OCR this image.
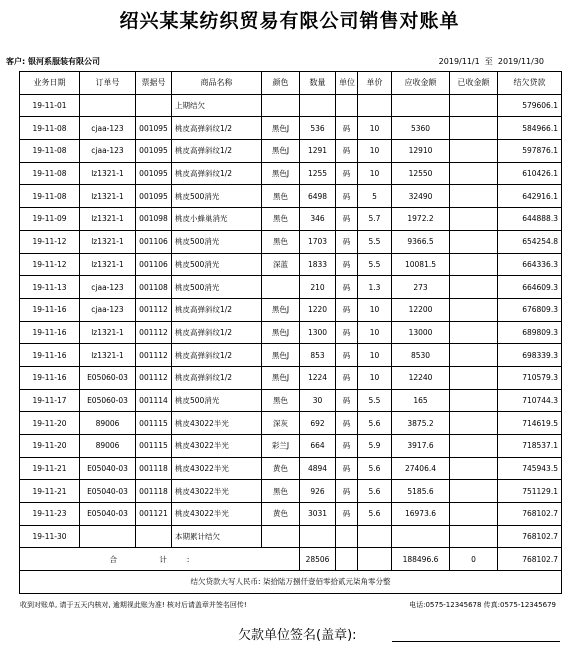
绍兴某某纺织贸易有限公司销售对账单
客户: 银河系服装有限公司	2019/11/1 至 2019/11/30
业务日期	订单号	票据号	商品名称	颜色	数量	单位	单价	应收金额	已收金额	结欠贷款
19-11-01			上期结欠							579606.1
19-11-08	cjaa-123	001095	桃皮高弹斜纹1/2	黑色J	536	码	10	5360		584966.1
19-11-08	cjaa-123	001095	桃皮高弹斜纹1/2	黑色J	1291	码	10	12910		597876.1
19-11-08	lz1321-1	001095	桃皮高弹斜纹1/2	黑色J	1255	码	10	12550		610426.1
19-11-08	lz1321-1	001095	桃皮500消光	黑色	6498	码	5	32490		642916.1
19-11-09	lz1321-1	001098	桃皮小蜂巢消光	黑色	346	码	5.7	1972.2		644888.3
19-11-12	lz1321-1	001106	桃皮500消光	黑色	1703	码	5.5	9366.5		654254.8
19-11-12	lz1321-1	001106	桃皮500消光	深蓝	1833	码	5.5	10081.5		664336.3
19-11-13	cjaa-123	001108	桃皮500消光		210	码	1.3	273		664609.3
19-11-16	cjaa-123	001112	桃皮高弹斜纹1/2	黑色J	1220	码	10	12200		676809.3
19-11-16	lz1321-1	001112	桃皮高弹斜纹1/2	黑色J	1300	码	10	13000		689809.3
19-11-16	lz1321-1	001112	桃皮高弹斜纹1/2	黑色J	853	码	10	8530		698339.3
19-11-16	E05060-03	001112	桃皮高弹斜纹1/2	黑色J	1224	码	10	12240		710579.3
19-11-17	E05060-03	001114	桃皮500消光	黑色	30	码	5.5	165		710744.3
19-11-20	89006	001115	桃皮43022半光	深灰	692	码	5.6	3875.2		714619.5
19-11-20	89006	001115	桃皮43022半光	彩兰J	664	码	5.9	3917.6		718537.1
19-11-21	E05040-03	001118	桃皮43022半光	黄色	4894	码	5.6	27406.4		745943.5
19-11-21	E05040-03	001118	桃皮43022半光	黑色	926	码	5.6	5185.6		751129.1
19-11-23	E05040-03	001121	桃皮43022半光	黄色	3031	码	5.6	16973.6		768102.7
19-11-30			本期累计结欠							768102.7
合 计:					28506			188496.6	0	768102.7
结欠贷款大写人民币: 柒拾陆万捌仟壹佰零拾贰元柒角零分整										
收到对账单, 请于五天内核对, 逾期视此账为准! 核对后请盖章并签名回传!	电话:0575-12345678 传真:0575-12345679
欠款单位签名(盖章):
